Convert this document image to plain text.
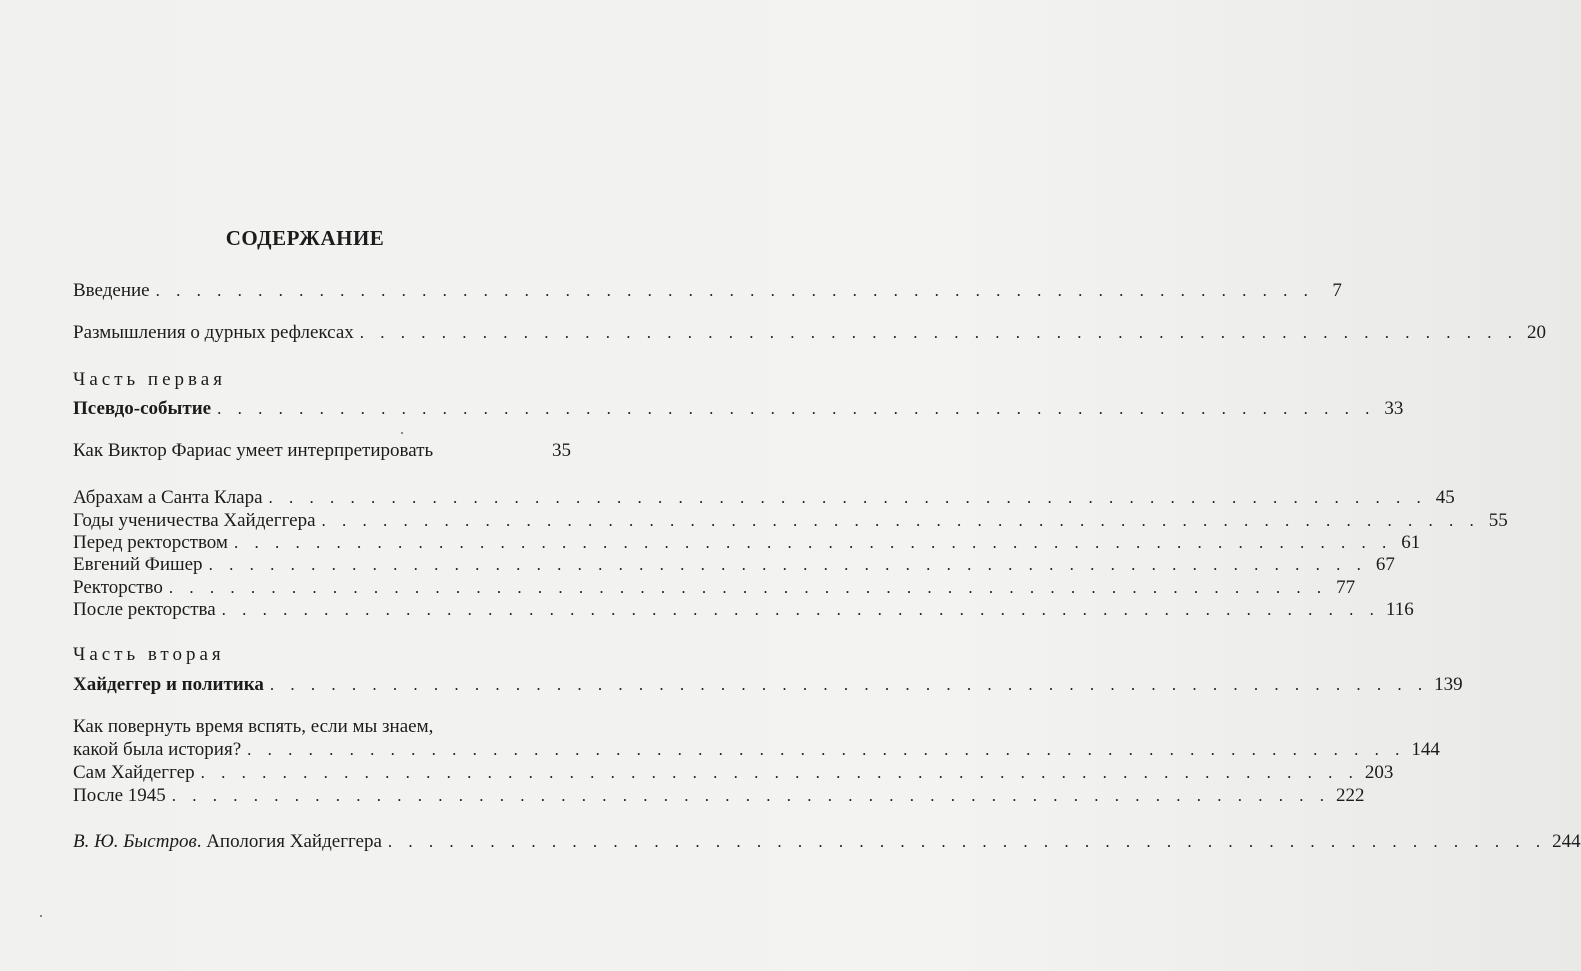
СОДЕРЖАНИЕ
Введение . . . . . . . . . . . . . . . . . . . . . . . . . . . . . . . . . . . . . . . . . . . . . . . . . . . . . . . . . 7
Размышления о дурных рефлексах . . . . . . . . . . . . . . . . . . . . . . . . . . . . . . . . . . . . . . . . . . . . . . . . . . . . . . . . . 20
Часть первая
Псевдо-событие . . . . . . . . . . . . . . . . . . . . . . . . . . . . . . . . . . . . . . . . . . . . . . . . . . . . . . . . . 33
Как Виктор Фариас умеет интерпретировать	35
Абрахам а Санта Клара . . . . . . . . . . . . . . . . . . . . . . . . . . . . . . . . . . . . . . . . . . . . . . . . . . . . . . . . . 45
Годы ученичества Хайдеггера . . . . . . . . . . . . . . . . . . . . . . . . . . . . . . . . . . . . . . . . . . . . . . . . . . . . . . . . . 55
Перед ректорством . . . . . . . . . . . . . . . . . . . . . . . . . . . . . . . . . . . . . . . . . . . . . . . . . . . . . . . . . 61
Евгений Фишер . . . . . . . . . . . . . . . . . . . . . . . . . . . . . . . . . . . . . . . . . . . . . . . . . . . . . . . . . 67
Ректорство . . . . . . . . . . . . . . . . . . . . . . . . . . . . . . . . . . . . . . . . . . . . . . . . . . . . . . . . . 77
После ректорства . . . . . . . . . . . . . . . . . . . . . . . . . . . . . . . . . . . . . . . . . . . . . . . . . . . . . . . . . 116
Часть вторая
Хайдеггер и политика . . . . . . . . . . . . . . . . . . . . . . . . . . . . . . . . . . . . . . . . . . . . . . . . . . . . . . . . . 139
Как повернуть время вспять, если мы знаем,
какой была история? . . . . . . . . . . . . . . . . . . . . . . . . . . . . . . . . . . . . . . . . . . . . . . . . . . . . . . . . . 144
Сам Хайдеггер . . . . . . . . . . . . . . . . . . . . . . . . . . . . . . . . . . . . . . . . . . . . . . . . . . . . . . . . . 203
После 1945 . . . . . . . . . . . . . . . . . . . . . . . . . . . . . . . . . . . . . . . . . . . . . . . . . . . . . . . . . 222
В. Ю. Быстров. Апология Хайдеггера . . . . . . . . . . . . . . . . . . . . . . . . . . . . . . . . . . . . . . . . . . . . . . . . . . . . . . . . . 244
